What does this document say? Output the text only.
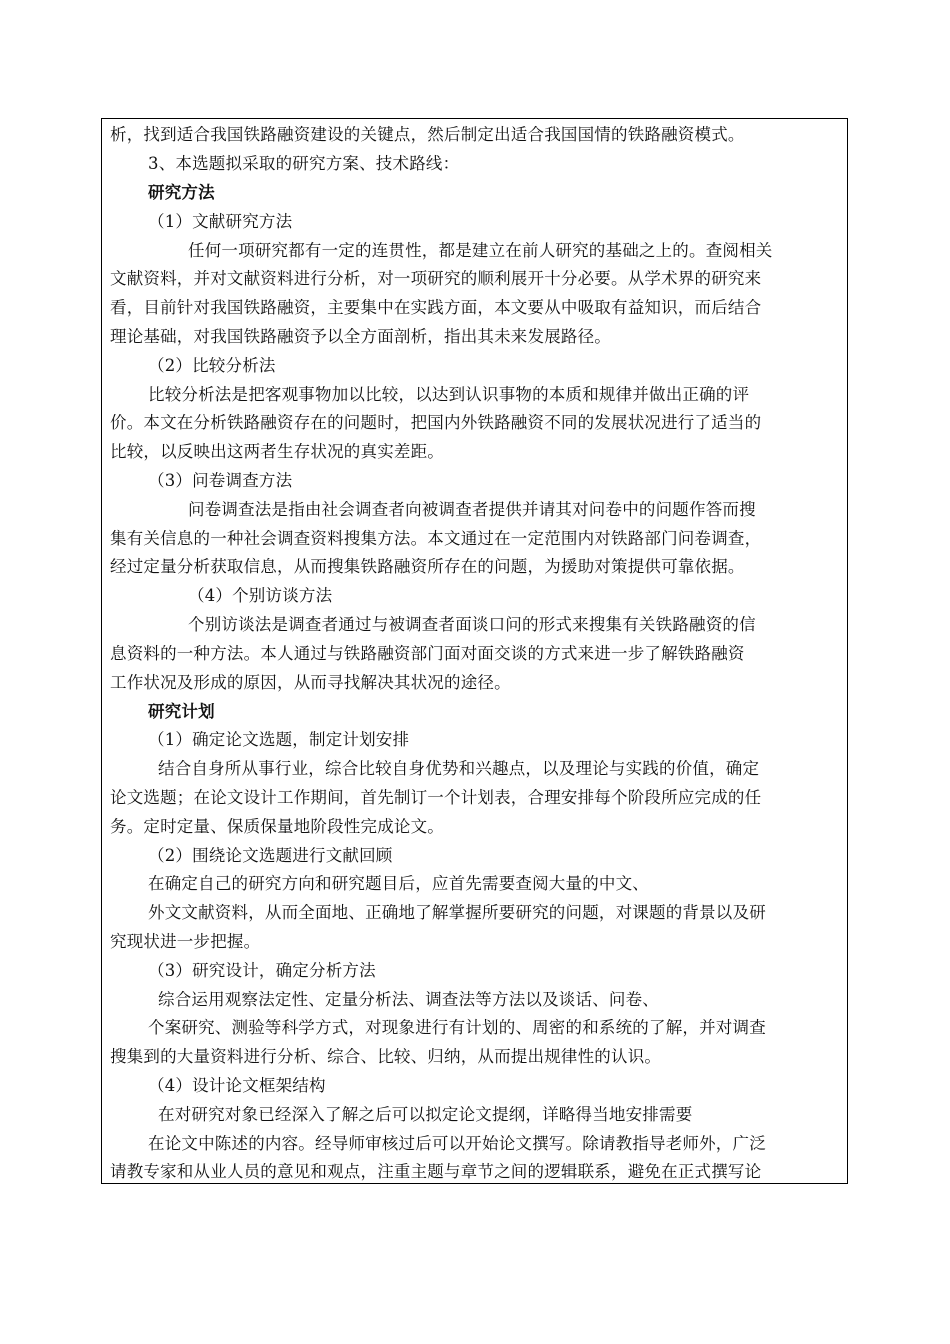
析，找到适合我国铁路融资建设的关键点，然后制定出适合我国国情的铁路融资模式。
3、本选题拟采取的研究方案、技术路线：
研究方法
（1）文献研究方法
任何一项研究都有一定的连贯性，都是建立在前人研究的基础之上的。查阅相关
文献资料，并对文献资料进行分析，对一项研究的顺利展开十分必要。从学术界的研究来
看，目前针对我国铁路融资，主要集中在实践方面，本文要从中吸取有益知识，而后结合
理论基础，对我国铁路融资予以全方面剖析，指出其未来发展路径。
（2）比较分析法
比较分析法是把客观事物加以比较，以达到认识事物的本质和规律并做出正确的评
价。本文在分析铁路融资存在的问题时，把国内外铁路融资不同的发展状况进行了适当的
比较，以反映出这两者生存状况的真实差距。
（3）问卷调查方法
问卷调查法是指由社会调查者向被调查者提供并请其对问卷中的问题作答而搜
集有关信息的一种社会调查资料搜集方法。本文通过在一定范围内对铁路部门问卷调查，
经过定量分析获取信息，从而搜集铁路融资所存在的问题，为援助对策提供可靠依据。
（4）个别访谈方法
个别访谈法是调查者通过与被调查者面谈口问的形式来搜集有关铁路融资的信
息资料的一种方法。本人通过与铁路融资部门面对面交谈的方式来进一步了解铁路融资
工作状况及形成的原因，从而寻找解决其状况的途径。
研究计划
（1）确定论文选题，制定计划安排
结合自身所从事行业，综合比较自身优势和兴趣点，以及理论与实践的价值，确定
论文选题；在论文设计工作期间，首先制订一个计划表，合理安排每个阶段所应完成的任
务。定时定量、保质保量地阶段性完成论文。
（2）围绕论文选题进行文献回顾
在确定自己的研究方向和研究题目后，应首先需要查阅大量的中文、
外文文献资料，从而全面地、正确地了解掌握所要研究的问题，对课题的背景以及研
究现状进一步把握。
（3）研究设计，确定分析方法
综合运用观察法定性、定量分析法、调查法等方法以及谈话、问卷、
个案研究、测验等科学方式，对现象进行有计划的、周密的和系统的了解，并对调查
搜集到的大量资料进行分析、综合、比较、归纳，从而提出规律性的认识。
（4）设计论文框架结构
在对研究对象已经深入了解之后可以拟定论文提纲，详略得当地安排需要
在论文中陈述的内容。经导师审核过后可以开始论文撰写。除请教指导老师外，广泛
请教专家和从业人员的意见和观点，注重主题与章节之间的逻辑联系，避免在正式撰写论
